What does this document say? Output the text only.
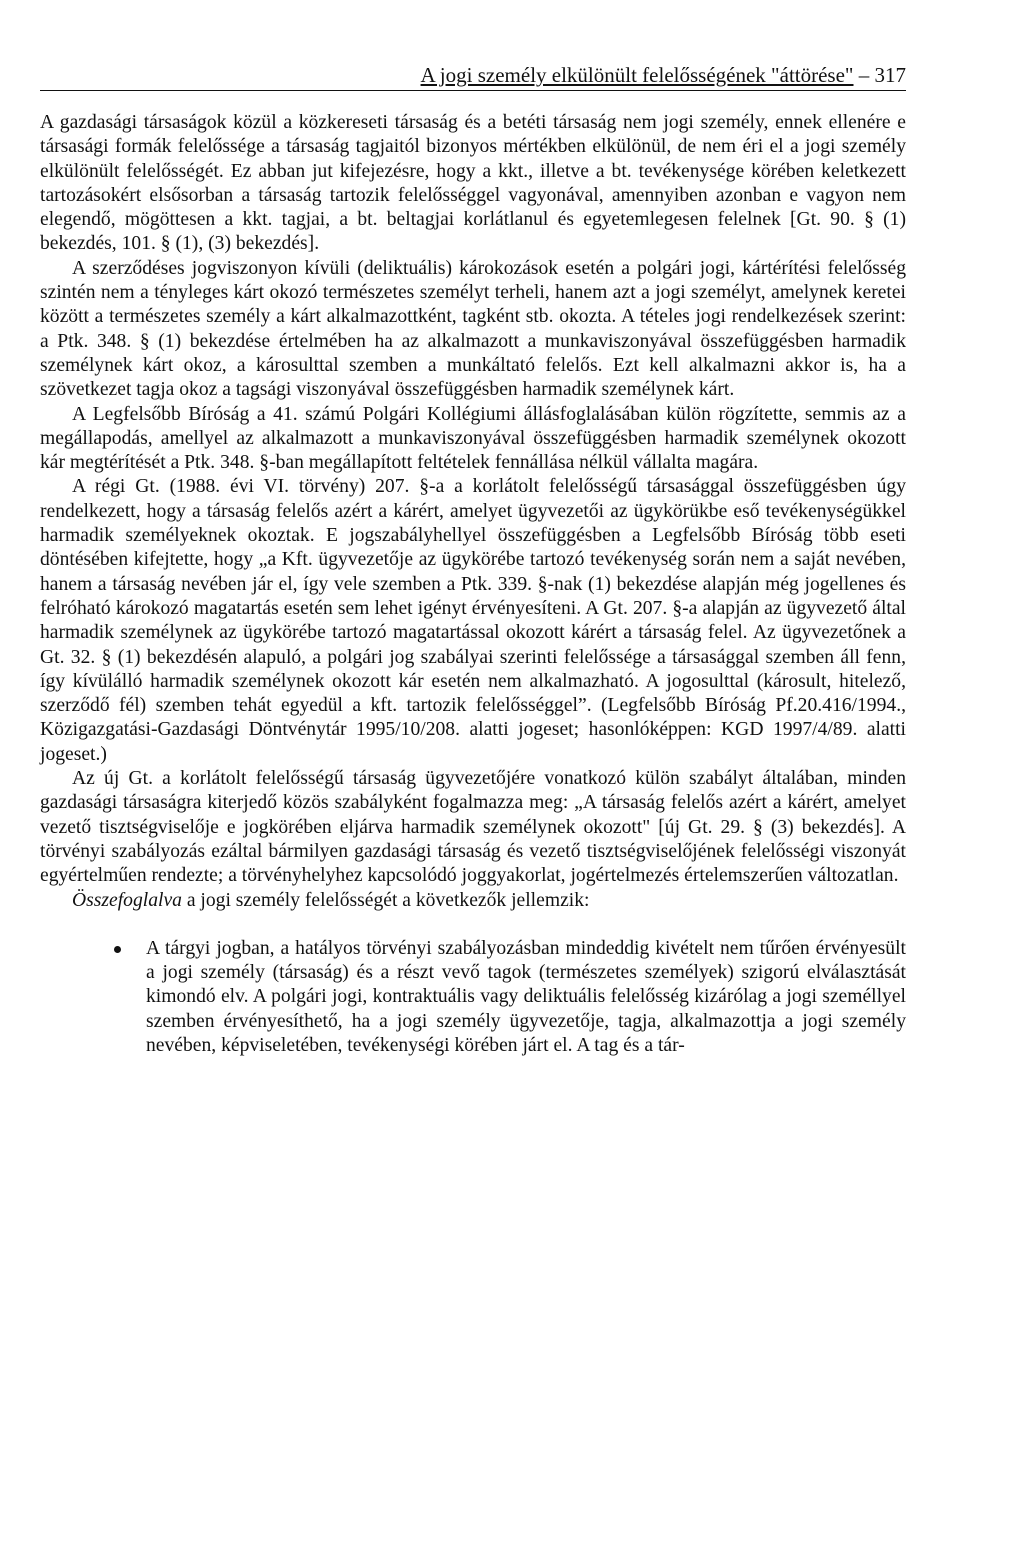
A jogi személy elkülönült felelősségének "áttörése" – 317

A gazdasági társaságok közül a közkereseti társaság és a betéti társaság nem jogi személy, ennek ellenére e társasági formák felelőssége a társaság tagjaitól bizonyos mértékben elkülönül, de nem éri el a jogi személy elkülönült felelősségét. Ez abban jut kifejezésre, hogy a kkt., illetve a bt. tevékenysége körében keletkezett tartozásokért elsősorban a társaság tartozik felelősséggel vagyonával, amennyiben azonban e vagyon nem elegendő, mögöttesen a kkt. tagjai, a bt. beltagjai korlátlanul és egyetemlegesen felelnek [Gt. 90. § (1) bekezdés, 101. § (1), (3) bekezdés].

A szerződéses jogviszonyon kívüli (deliktuális) károkozások esetén a polgári jogi, kártérítési felelősség szintén nem a tényleges kárt okozó természetes személyt terheli, hanem azt a jogi személyt, amelynek keretei között a természetes személy a kárt alkalmazottként, tagként stb. okozta. A tételes jogi rendelkezések szerint: a Ptk. 348. § (1) bekezdése értelmében ha az alkalmazott a munkaviszonyával összefüggésben harmadik személynek kárt okoz, a károsulttal szemben a munkáltató felelős. Ezt kell alkalmazni akkor is, ha a szövetkezet tagja okoz a tagsági viszonyával összefüggésben harmadik személynek kárt.

A Legfelsőbb Bíróság a 41. számú Polgári Kollégiumi állásfoglalásában külön rögzítette, semmis az a megállapodás, amellyel az alkalmazott a munkaviszonyával összefüggésben harmadik személynek okozott kár megtérítését a Ptk. 348. §-ban megállapított feltételek fennállása nélkül vállalta magára.

A régi Gt. (1988. évi VI. törvény) 207. §-a a korlátolt felelősségű társasággal összefüggésben úgy rendelkezett, hogy a társaság felelős azért a kárért, amelyet ügyvezetői az ügykörükbe eső tevékenységükkel harmadik személyeknek okoztak. E jogszabályhellyel összefüggésben a Legfelsőbb Bíróság több eseti döntésében kifejtette, hogy „a Kft. ügyvezetője az ügykörébe tartozó tevékenység során nem a saját nevében, hanem a társaság nevében jár el, így vele szemben a Ptk. 339. §-nak (1) bekezdése alapján még jogellenes és felróható károkozó magatartás esetén sem lehet igényt érvényesíteni. A Gt. 207. §-a alapján az ügyvezető által harmadik személynek az ügykörébe tartozó magatartással okozott kárért a társaság felel. Az ügyvezetőnek a Gt. 32. § (1) bekezdésén alapuló, a polgári jog szabályai szerinti felelőssége a társasággal szemben áll fenn, így kívülálló harmadik személynek okozott kár esetén nem alkalmazható. A jogosulttal (károsult, hitelező, szerződő fél) szemben tehát egyedül a kft. tartozik felelősséggel”. (Legfelsőbb Bíróság Pf.20.416/1994., Közigazgatási-Gazdasági Döntvénytár 1995/10/208. alatti jogeset; hasonlóképpen: KGD 1997/4/89. alatti jogeset.)

Az új Gt. a korlátolt felelősségű társaság ügyvezetőjére vonatkozó külön szabályt általában, minden gazdasági társaságra kiterjedő közös szabályként fogalmazza meg: „A társaság felelős azért a kárért, amelyet vezető tisztségviselője e jogkörében eljárva harmadik személynek okozott" [új Gt. 29. § (3) bekezdés]. A törvényi szabályozás ezáltal bármilyen gazdasági társaság és vezető tisztségviselőjének felelősségi viszonyát egyértelműen rendezte; a törvényhelyhez kapcsolódó joggyakorlat, jogértelmezés értelemszerűen változatlan.

Összefoglalva a jogi személy felelősségét a következők jellemzik:

A tárgyi jogban, a hatályos törvényi szabályozásban mindeddig kivételt nem tűrően érvényesült a jogi személy (társaság) és a részt vevő tagok (természetes személyek) szigorú elválasztását kimondó elv. A polgári jogi, kontraktuális vagy deliktuális felelősség kizárólag a jogi személlyel szemben érvényesíthető, ha a jogi személy ügyvezetője, tagja, alkalmazottja a jogi személy nevében, képviseletében, tevékenységi körében járt el. A tag és a tár-
